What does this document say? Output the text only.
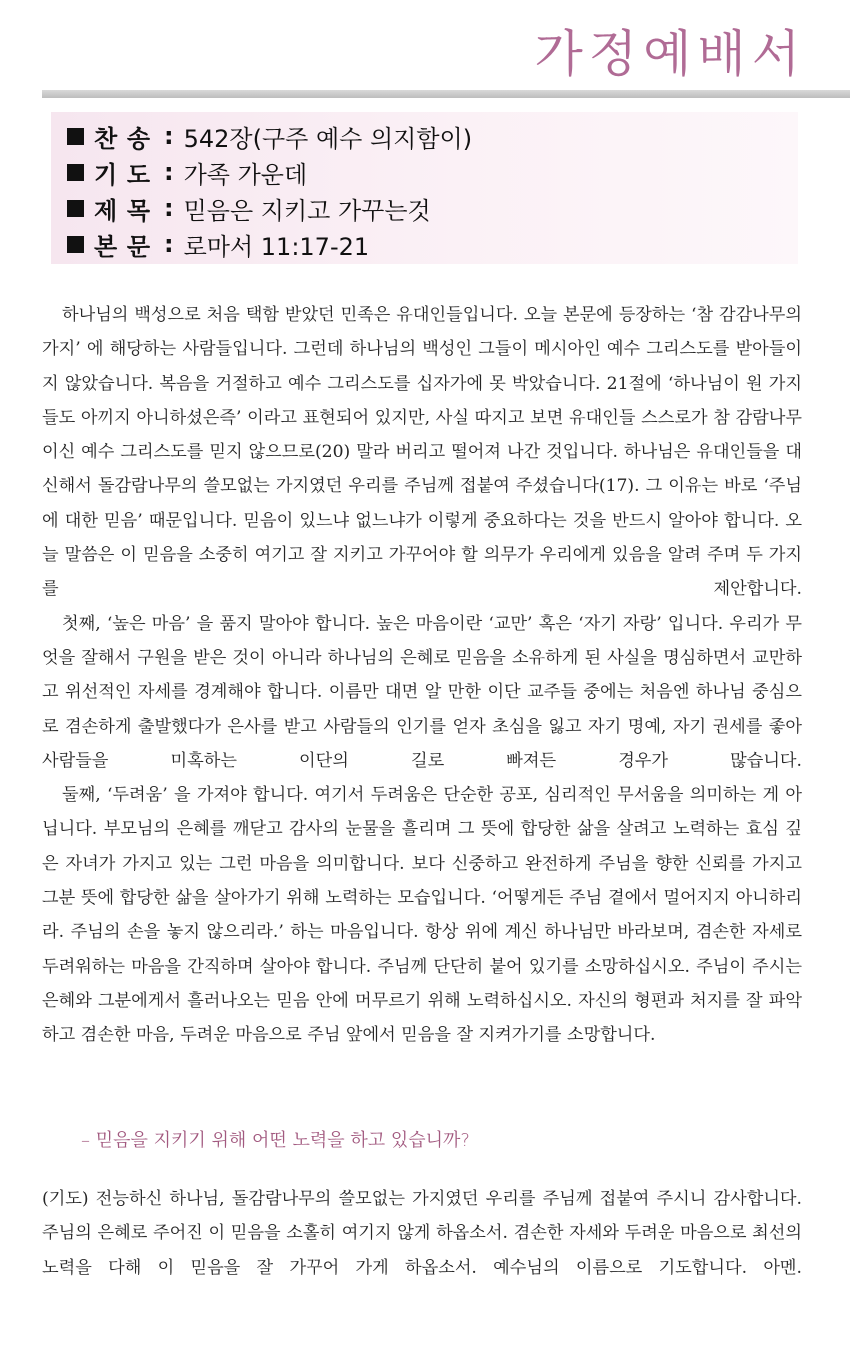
가정예배서
찬 송 : 542장(구주 예수 의지함이)
기 도 : 가족 가운데
제 목 : 믿음은 지키고 가꾸는것
본 문 : 로마서 11:17-21

하나님의 백성으로 처음 택함 받았던 민족은 유대인들입니다. 오늘 본문에 등장하는 ‘참 감감나무의 가지’ 에 해당하는 사람들입니다. 그런데 하나님의 백성인 그들이 메시아인 예수 그리스도를 받아들이지 않았습니다. 복음을 거절하고 예수 그리스도를 십자가에 못 박았습니다. 21절에 ‘하나님이 원 가지들도 아끼지 아니하셨은즉’ 이라고 표현되어 있지만, 사실 따지고 보면 유대인들 스스로가 참 감람나무이신 예수 그리스도를 믿지 않으므로(20) 말라 버리고 떨어져 나간 것입니다. 하나님은 유대인들을 대신해서 돌감람나무의 쓸모없는 가지였던 우리를 주님께 접붙여 주셨습니다(17). 그 이유는 바로 ‘주님에 대한 믿음’ 때문입니다. 믿음이 있느냐 없느냐가 이렇게 중요하다는 것을 반드시 알아야 합니다. 오늘 말씀은 이 믿음을 소중히 여기고 잘 지키고 가꾸어야 할 의무가 우리에게 있음을 알려 주며 두 가지를 제안합니다.

첫째, ‘높은 마음’ 을 품지 말아야 합니다. 높은 마음이란 ‘교만’ 혹은 ‘자기 자랑’ 입니다. 우리가 무엇을 잘해서 구원을 받은 것이 아니라 하나님의 은혜로 믿음을 소유하게 된 사실을 명심하면서 교만하고 위선적인 자세를 경계해야 합니다. 이름만 대면 알 만한 이단 교주들 중에는 처음엔 하나님 중심으로 겸손하게 출발했다가 은사를 받고 사람들의 인기를 얻자 초심을 잃고 자기 명예, 자기 권세를 좋아 사람들을 미혹하는 이단의 길로 빠져든 경우가 많습니다.

둘째, ‘두려움’ 을 가져야 합니다. 여기서 두려움은 단순한 공포, 심리적인 무서움을 의미하는 게 아닙니다. 부모님의 은혜를 깨닫고 감사의 눈물을 흘리며 그 뜻에 합당한 삶을 살려고 노력하는 효심 깊은 자녀가 가지고 있는 그런 마음을 의미합니다. 보다 신중하고 완전하게 주님을 향한 신뢰를 가지고 그분 뜻에 합당한 삶을 살아가기 위해 노력하는 모습입니다. ‘어떻게든 주님 곁에서 멀어지지 아니하리라. 주님의 손을 놓지 않으리라.’ 하는 마음입니다. 항상 위에 계신 하나님만 바라보며, 겸손한 자세로 두려워하는 마음을 간직하며 살아야 합니다. 주님께 단단히 붙어 있기를 소망하십시오. 주님이 주시는 은혜와 그분에게서 흘러나오는 믿음 안에 머무르기 위해 노력하십시오. 자신의 형편과 처지를 잘 파악하고 겸손한 마음, 두려운 마음으로 주님 앞에서 믿음을 잘 지켜가기를 소망합니다.

– 믿음을 지키기 위해 어떤 노력을 하고 있습니까?

(기도) 전능하신 하나님, 돌감람나무의 쓸모없는 가지였던 우리를 주님께 접붙여 주시니 감사합니다. 주님의 은혜로 주어진 이 믿음을 소홀히 여기지 않게 하옵소서. 겸손한 자세와 두려운 마음으로 최선의 노력을 다해 이 믿음을 잘 가꾸어 가게 하옵소서. 예수님의 이름으로 기도합니다. 아멘.
